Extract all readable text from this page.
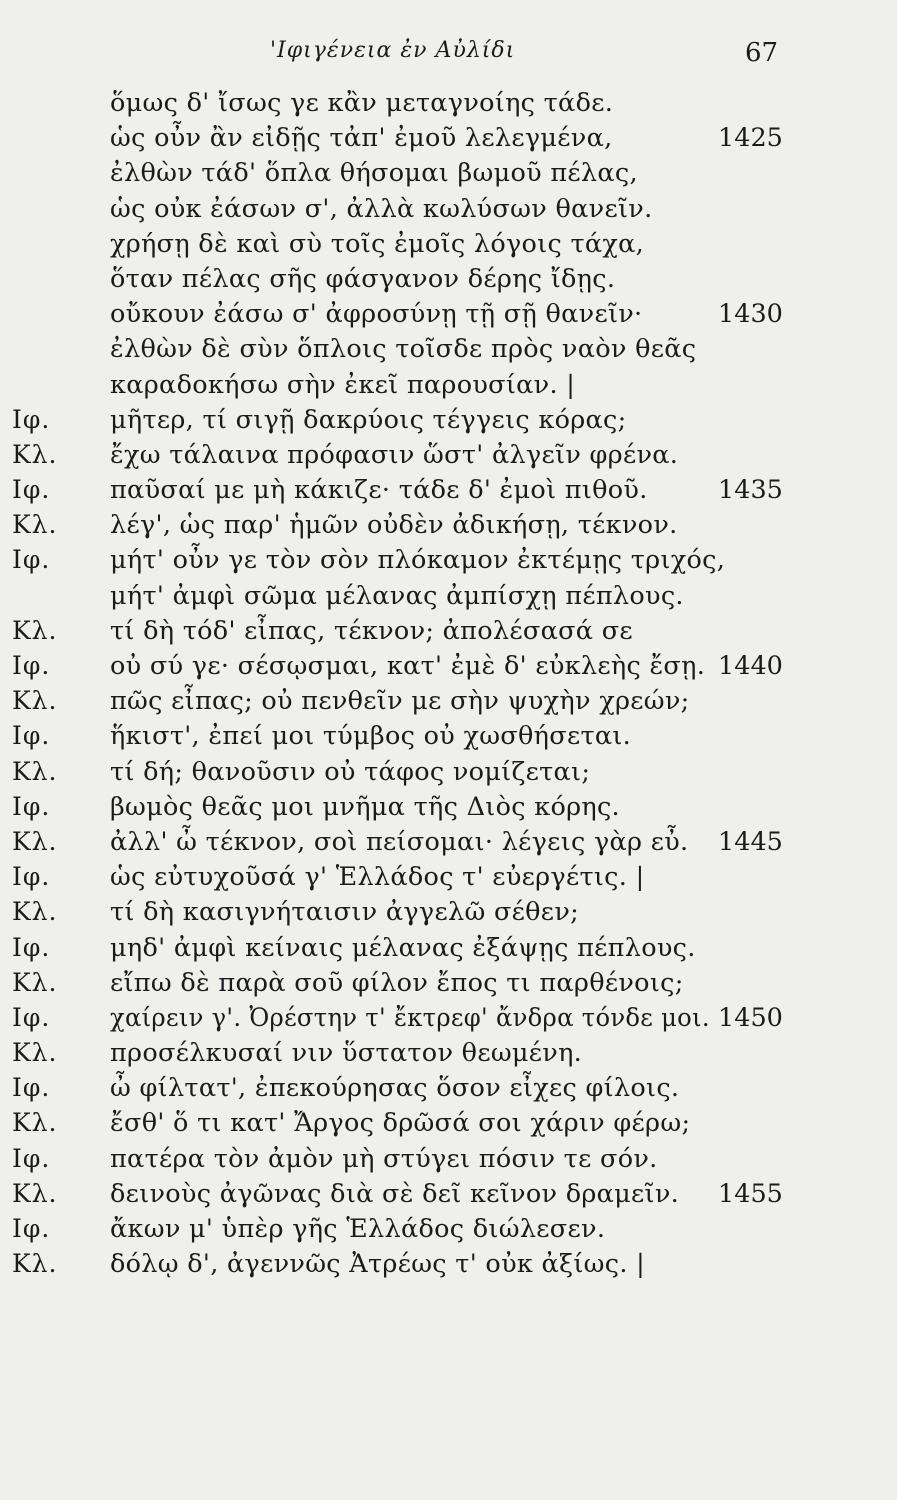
'Ιφιγένεια ἐν Αὐλίδι	67
ὅμως δ' ἴσως γε κἂν μεταγνοίης τάδε.
ὡς οὖν ἂν εἰδῇς τἀπ' ἐμοῦ λελεγμένα,	1425
ἐλθὼν τάδ' ὅπλα θήσομαι βωμοῦ πέλας,
ὡς οὐκ ἐάσων σ', ἀλλὰ κωλύσων θανεῖν.
χρήσῃ δὲ καὶ σὺ τοῖς ἐμοῖς λόγοις τάχα,
ὅταν πέλας σῆς φάσγανον δέρης ἴδῃς.
οὔκουν ἐάσω σ' ἀφροσύνῃ τῇ σῇ θανεῖν·	1430
ἐλθὼν δὲ σὺν ὅπλοις τοῖσδε πρὸς ναὸν θεᾶς
καραδοκήσω σὴν ἐκεῖ παρουσίαν. |
Ιφ. μῆτερ, τί σιγῇ δακρύοις τέγγεις κόρας;
Κλ. ἔχω τάλαινα πρόφασιν ὥστ' ἀλγεῖν φρένα.
Ιφ. παῦσαί με μὴ κάκιζε· τάδε δ' ἐμοὶ πιθοῦ.	1435
Κλ. λέγ', ὡς παρ' ἡμῶν οὐδὲν ἀδικήσῃ, τέκνον.
Ιφ. μήτ' οὖν γε τὸν σὸν πλόκαμον ἐκτέμῃς τριχός,
μήτ' ἀμφὶ σῶμα μέλανας ἀμπίσχῃ πέπλους.
Κλ. τί δὴ τόδ' εἶπας, τέκνον; ἀπολέσασά σε
Ιφ. οὐ σύ γε· σέσῳσμαι, κατ' ἐμὲ δ' εὐκλεὴς ἔσῃ. 1440
Κλ. πῶς εἶπας; οὐ πενθεῖν με σὴν ψυχὴν χρεών;
Ιφ. ἥκιστ', ἐπεί μοι τύμβος οὐ χωσθήσεται.
Κλ. τί δή; θανοῦσιν οὐ τάφος νομίζεται;
Ιφ. βωμὸς θεᾶς μοι μνῆμα τῆς Διὸς κόρης.
Κλ. ἀλλ' ὦ τέκνον, σοὶ πείσομαι· λέγεις γὰρ εὖ. 1445
Ιφ. ὡς εὐτυχοῦσά γ' Ἑλλάδος τ' εὐεργέτις. |
Κλ. τί δὴ κασιγνήταισιν ἀγγελῶ σέθεν;
Ιφ. μηδ' ἀμφὶ κείναις μέλανας ἐξάψῃς πέπλους.
Κλ. εἴπω δὲ παρὰ σοῦ φίλον ἔπος τι παρθένοις;
Ιφ. χαίρειν γ'. Ὀρέστην τ' ἔκτρεφ' ἄνδρα τόνδε μοι. 1450
Κλ. προσέλκυσαί νιν ὕστατον θεωμένη.
Ιφ. ὦ φίλτατ', ἐπεκούρησας ὅσον εἶχες φίλοις.
Κλ. ἔσθ' ὅ τι κατ' Ἄργος δρῶσά σοι χάριν φέρω;
Ιφ. πατέρα τὸν ἀμὸν μὴ στύγει πόσιν τε σόν.
Κλ. δεινοὺς ἀγῶνας διὰ σὲ δεῖ κεῖνον δραμεῖν. 1455
Ιφ. ἄκων μ' ὑπὲρ γῆς Ἑλλάδος διώλεσεν.
Κλ. δόλῳ δ', ἀγεννῶς Ἀτρέως τ' οὐκ ἀξίως. |
